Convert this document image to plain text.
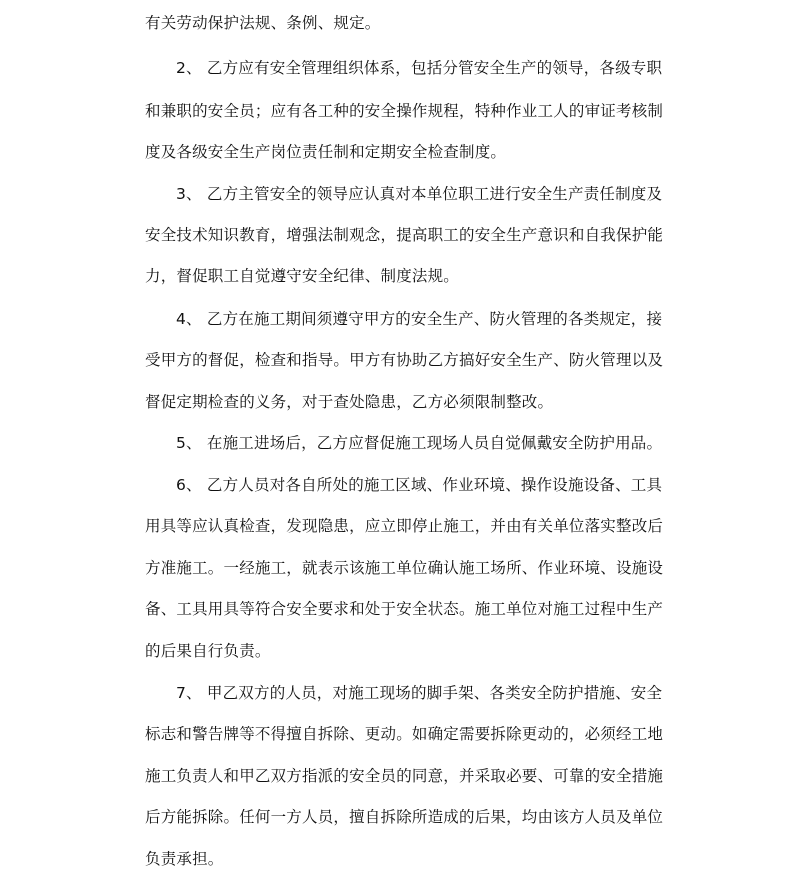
有关劳动保护法规、条例、规定。
2、 乙方应有安全管理组织体系，包括分管安全生产的领导，各级专职
和兼职的安全员；应有各工种的安全操作规程，特种作业工人的审证考核制
度及各级安全生产岗位责任制和定期安全检查制度。
3、 乙方主管安全的领导应认真对本单位职工进行安全生产责任制度及
安全技术知识教育，增强法制观念，提高职工的安全生产意识和自我保护能
力，督促职工自觉遵守安全纪律、制度法规。
4、 乙方在施工期间须遵守甲方的安全生产、防火管理的各类规定，接
受甲方的督促，检查和指导。甲方有协助乙方搞好安全生产、防火管理以及
督促定期检查的义务，对于查处隐患，乙方必须限制整改。
5、 在施工进场后，乙方应督促施工现场人员自觉佩戴安全防护用品。
6、 乙方人员对各自所处的施工区域、作业环境、操作设施设备、工具
用具等应认真检查，发现隐患，应立即停止施工，并由有关单位落实整改后
方准施工。一经施工，就表示该施工单位确认施工场所、作业环境、设施设
备、工具用具等符合安全要求和处于安全状态。施工单位对施工过程中生产
的后果自行负责。
7、 甲乙双方的人员，对施工现场的脚手架、各类安全防护措施、安全
标志和警告牌等不得擅自拆除、更动。如确定需要拆除更动的，必须经工地
施工负责人和甲乙双方指派的安全员的同意，并采取必要、可靠的安全措施
后方能拆除。任何一方人员，擅自拆除所造成的后果，均由该方人员及单位
负责承担。
